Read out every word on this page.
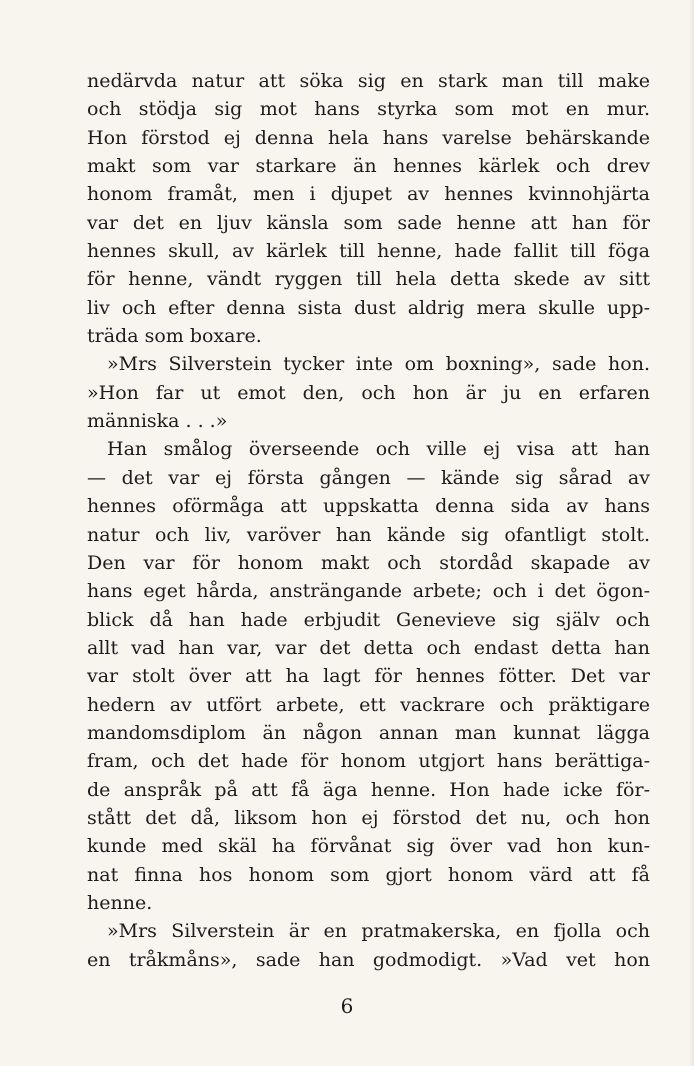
nedärvda natur att söka sig en stark man till make
och stödja sig mot hans styrka som mot en mur.
Hon förstod ej denna hela hans varelse behärskande
makt som var starkare än hennes kärlek och drev
honom framåt, men i djupet av hennes kvinnohjärta
var det en ljuv känsla som sade henne att han för
hennes skull, av kärlek till henne, hade fallit till föga
för henne, vändt ryggen till hela detta skede av sitt
liv och efter denna sista dust aldrig mera skulle upp-
träda som boxare.
»Mrs Silverstein tycker inte om boxning», sade hon.
»Hon far ut emot den, och hon är ju en erfaren
människa . . .»
Han smålog överseende och ville ej visa att han
— det var ej första gången — kände sig sårad av
hennes oförmåga att uppskatta denna sida av hans
natur och liv, varöver han kände sig ofantligt stolt.
Den var för honom makt och stordåd skapade av
hans eget hårda, ansträngande arbete; och i det ögon-
blick då han hade erbjudit Genevieve sig själv och
allt vad han var, var det detta och endast detta han
var stolt över att ha lagt för hennes fötter. Det var
hedern av utfört arbete, ett vackrare och präktigare
mandomsdiplom än någon annan man kunnat lägga
fram, och det hade för honom utgjort hans berättiga-
de anspråk på att få äga henne. Hon hade icke för-
stått det då, liksom hon ej förstod det nu, och hon
kunde med skäl ha förvånat sig över vad hon kun-
nat finna hos honom som gjort honom värd att få
henne.
»Mrs Silverstein är en pratmakerska, en fjolla och
en tråkmåns», sade han godmodigt. »Vad vet hon
6
